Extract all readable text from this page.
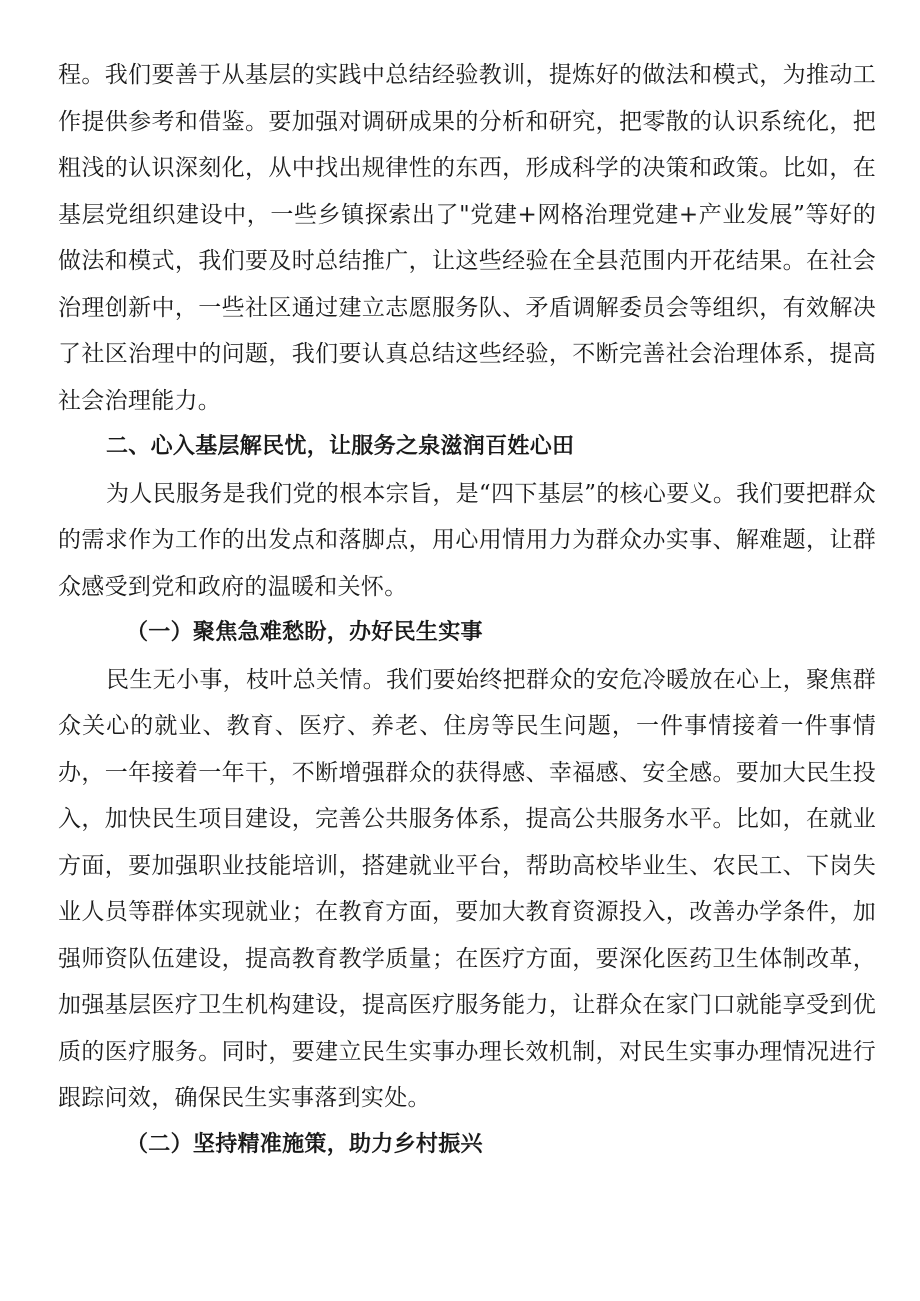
程。我们要善于从基层的实践中总结经验教训，提炼好的做法和模式，为推动工作提供参考和借鉴。要加强对调研成果的分析和研究，把零散的认识系统化，把粗浅的认识深刻化，从中找出规律性的东西，形成科学的决策和政策。比如，在基层党组织建设中，一些乡镇探索出了"党建+网格治理党建+产业发展”等好的做法和模式，我们要及时总结推广，让这些经验在全县范围内开花结果。在社会治理创新中，一些社区通过建立志愿服务队、矛盾调解委员会等组织，有效解决了社区治理中的问题，我们要认真总结这些经验，不断完善社会治理体系，提高社会治理能力。

二、心入基层解民忧，让服务之泉滋润百姓心田

为人民服务是我们党的根本宗旨，是“四下基层”的核心要义。我们要把群众的需求作为工作的出发点和落脚点，用心用情用力为群众办实事、解难题，让群众感受到党和政府的温暖和关怀。

（一）聚焦急难愁盼，办好民生实事

民生无小事，枝叶总关情。我们要始终把群众的安危冷暖放在心上，聚焦群众关心的就业、教育、医疗、养老、住房等民生问题，一件事情接着一件事情办，一年接着一年干，不断增强群众的获得感、幸福感、安全感。要加大民生投入，加快民生项目建设，完善公共服务体系，提高公共服务水平。比如，在就业方面，要加强职业技能培训，搭建就业平台，帮助高校毕业生、农民工、下岗失业人员等群体实现就业；在教育方面，要加大教育资源投入，改善办学条件，加强师资队伍建设，提高教育教学质量；在医疗方面，要深化医药卫生体制改革，加强基层医疗卫生机构建设，提高医疗服务能力，让群众在家门口就能享受到优质的医疗服务。同时，要建立民生实事办理长效机制，对民生实事办理情况进行跟踪问效，确保民生实事落到实处。

（二）坚持精准施策，助力乡村振兴
